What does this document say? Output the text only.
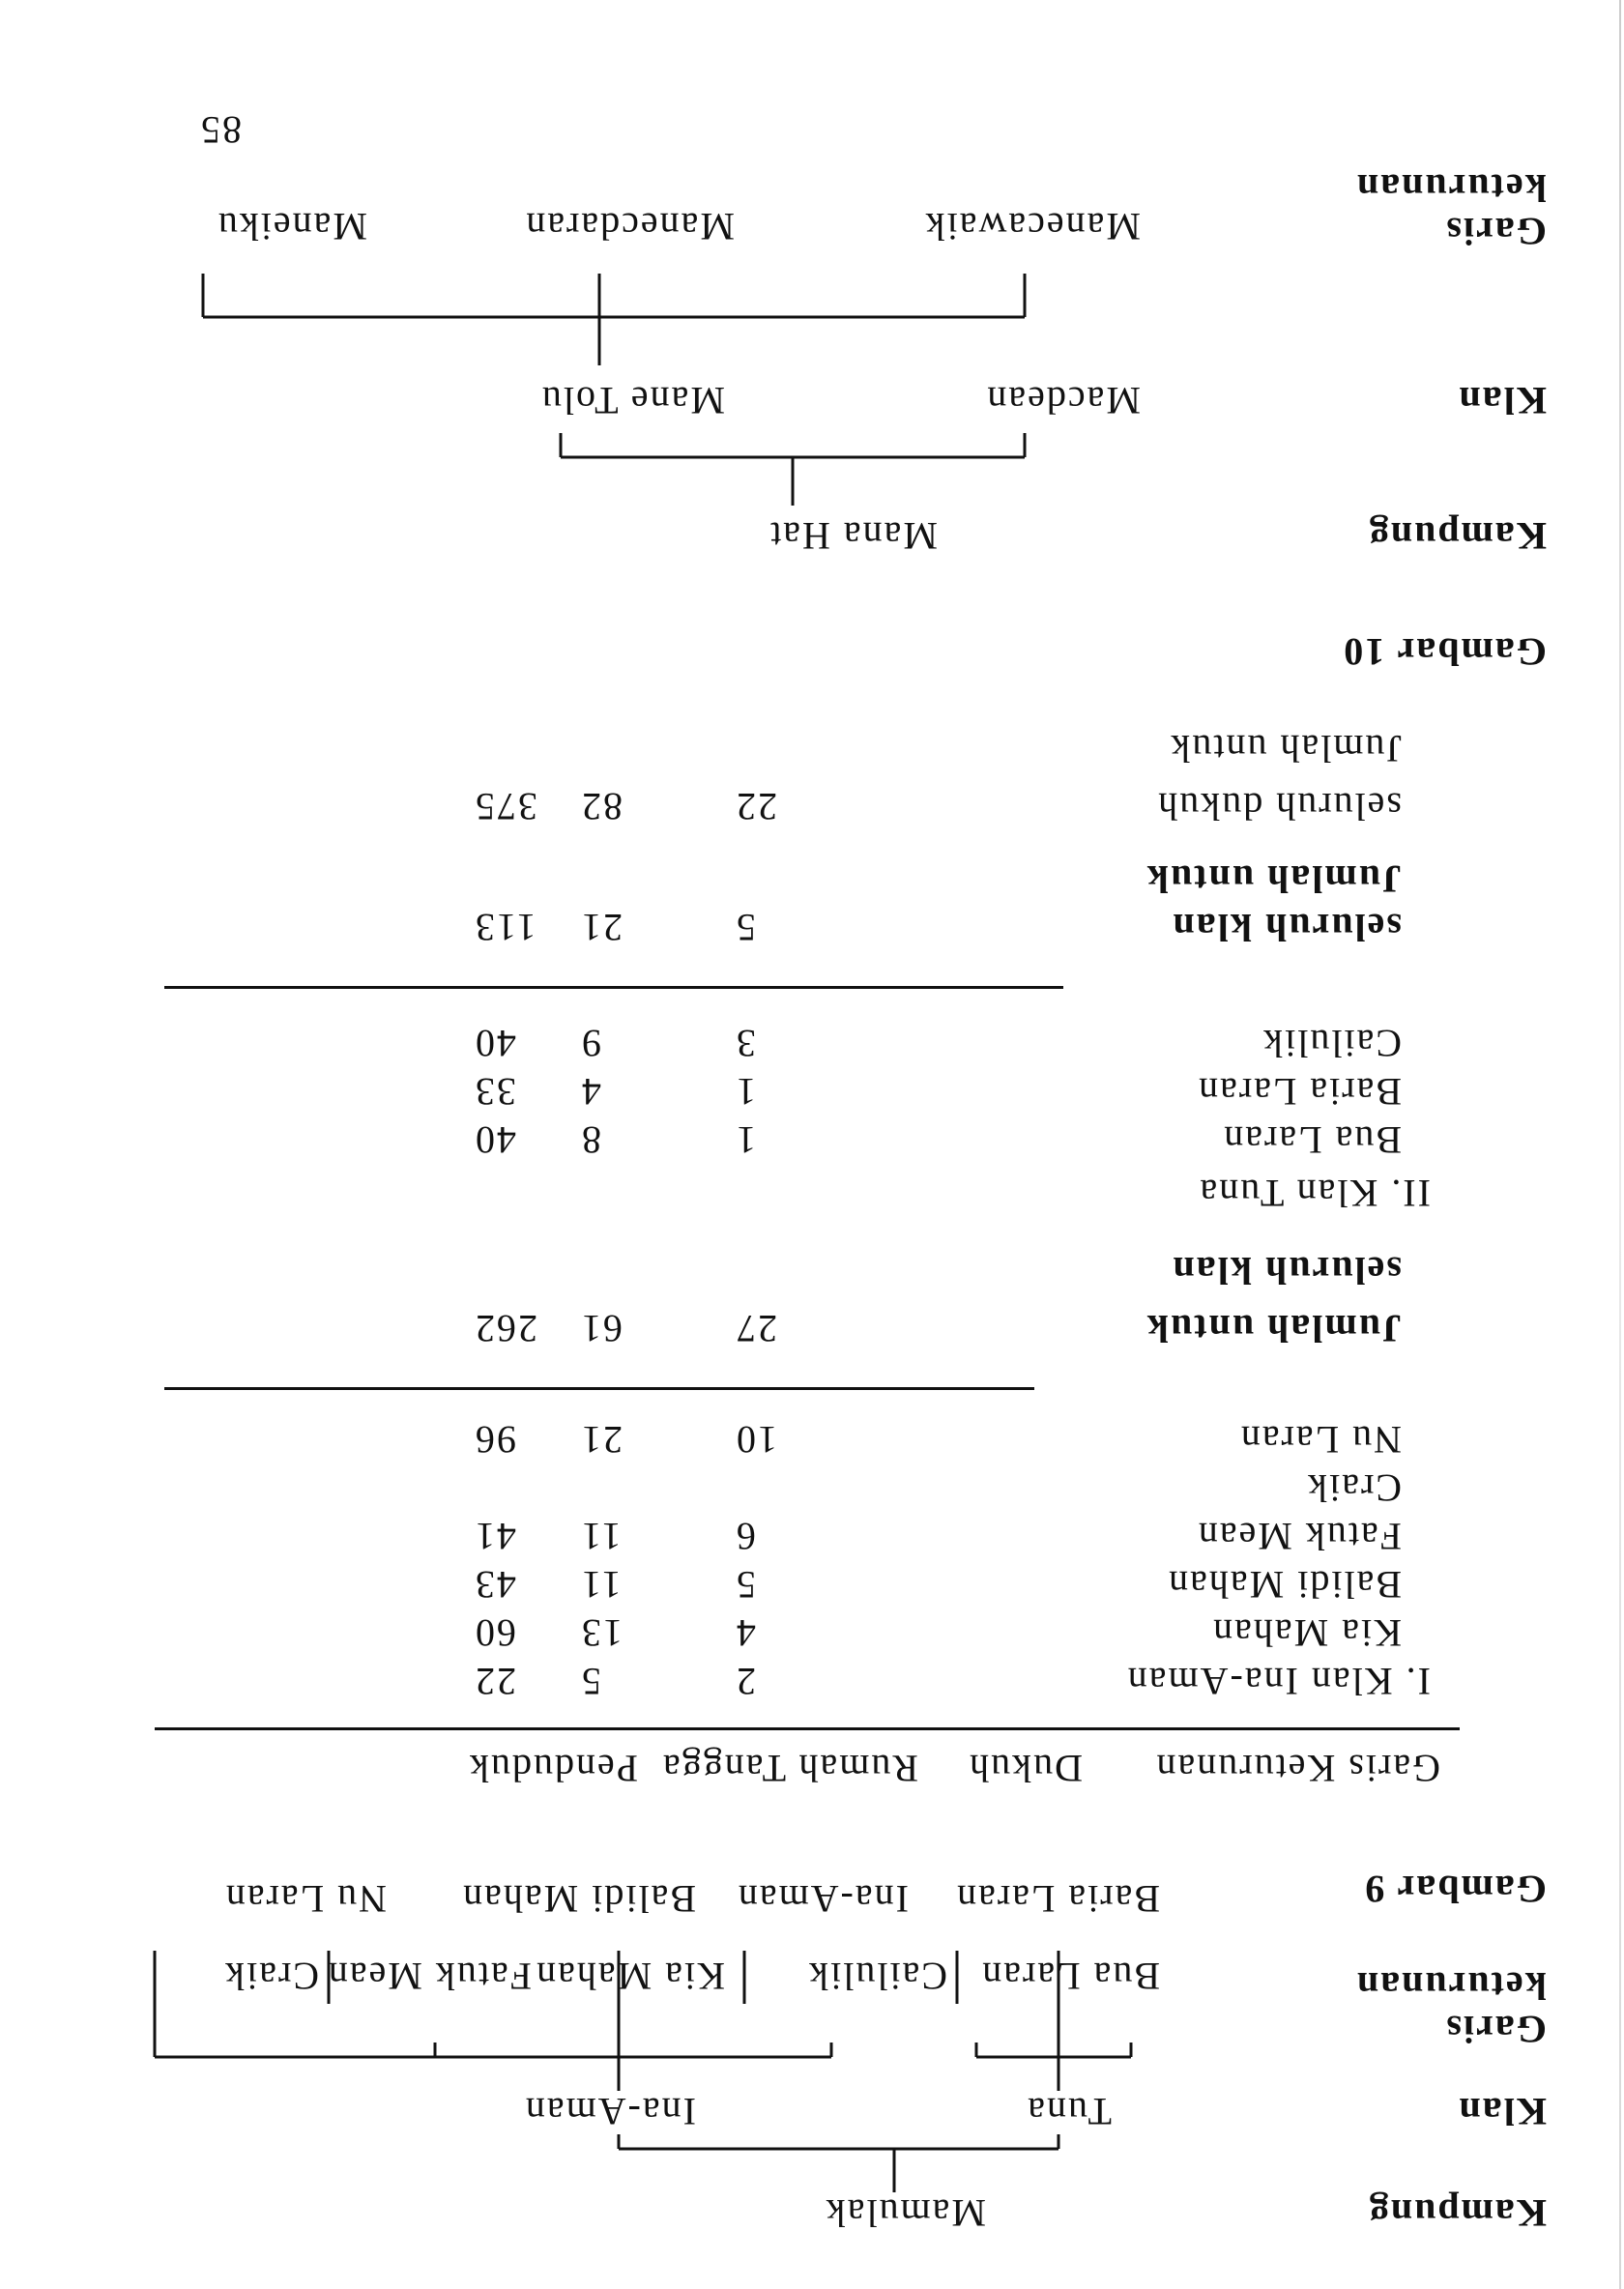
85
Garis
keturunan
Manecawaik
Manecdaran
Maneiku
Klan
Macdean
Mane Tolu
Kampung
Mana Hat
Gambar 10
Jumlah untuk
seluruh dukuh
22
82
375
Jumlah untuk
seluruh klan
5
21
113
Cailulik
3
9
40
Baria Laran
1
4
33
Bua Laran
1
8
40
II. Klan Tuna
seluruh klan
Jumlah untuk
27
61
262
Nu Laran
10
21
96
Craik
Fatuk Mean
6
11
41
Balidi Mahan
5
11
43
Kia Mahan
4
13
60
I. Klan Ina-Aman
2
5
22
Garis Keturunan
Dukuh
Rumah Tangga
Penduduk
Gambar 9
Bua Laran
Cailulik
Kia Mahan
Fatuk Mean
Craik
Baria Laran
Ina-Aman
Balidi Mahan
Nu Laran
Garis
keturunan
Klan
Tuna
Ina-Aman
Kampung
Mamulak
